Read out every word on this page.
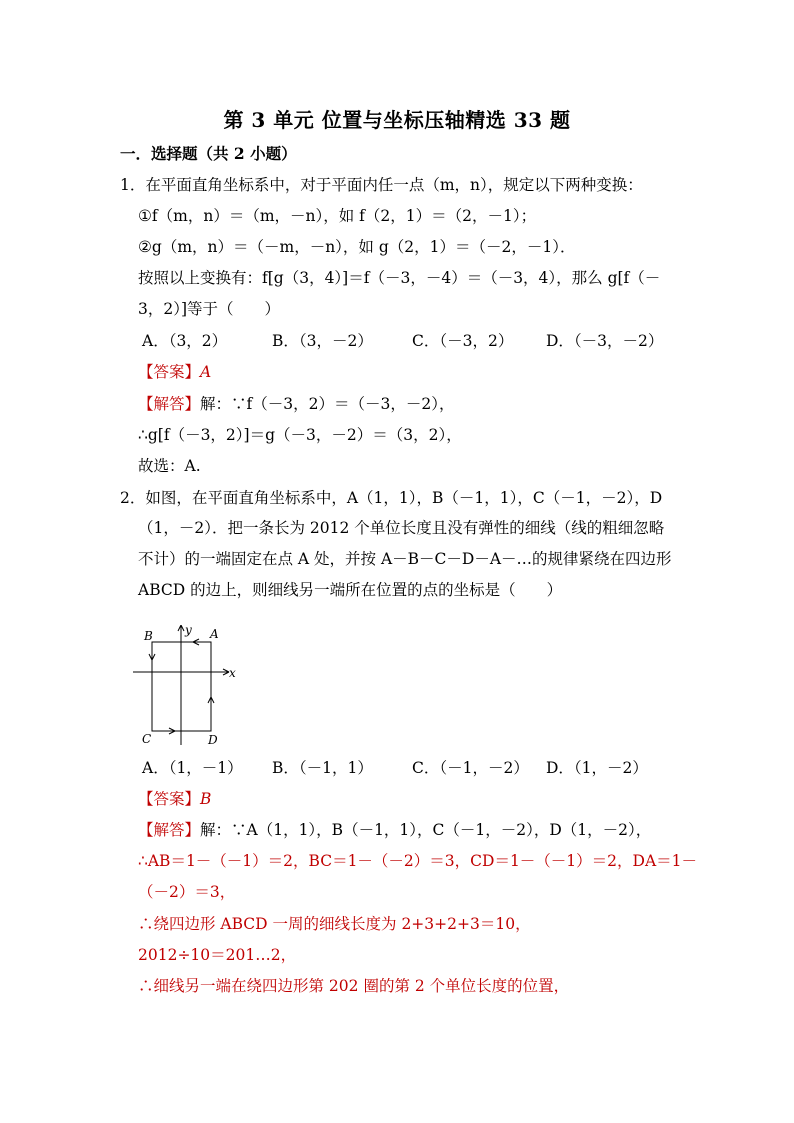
第 3 单元 位置与坐标压轴精选 33 题
一．选择题（共 2 小题）
1．在平面直角坐标系中，对于平面内任一点（m，n），规定以下两种变换：
①f（m，n）＝（m，－n），如 f（2，1）＝（2，－1）；
②g（m，n）＝（－m，－n），如 g（2，1）＝（－2，－1）．
按照以上变换有：f[g（3，4）]＝f（－3，－4）＝（－3，4），那么 g[f（－
3，2）]等于（　　）
A．（3，2）	B．（3，－2）	C．（－3，2） D．（－3，－2）
【答案】A
【解答】解：∵f（－3，2）＝（－3，－2），
∴g[f（－3，2）]＝g（－3，－2）＝（3，2），
故选：A.
2．如图，在平面直角坐标系中，A（1，1），B（－1，1），C（－1，－2），D
（1，－2）．把一条长为 2012 个单位长度且没有弹性的细线（线的粗细忽略
不计）的一端固定在点 A 处，并按 A－B－C－D－A－…的规律紧绕在四边形
ABCD 的边上，则细线另一端所在位置的点的坐标是（　　）
B	A
y
x
C	D
A．（1，－1） B．（－1，1）	C．（－1，－2） D．（1，－2）
【答案】B
【解答】解：∵A（1，1），B（－1，1），C（－1，－2），D（1，－2），
∴AB＝1－（－1）＝2，BC＝1－（－2）＝3，CD＝1－（－1）＝2，DA＝1－
（－2）＝3，
∴绕四边形 ABCD 一周的细线长度为 2+3+2+3＝10，
2012÷10＝201…2，
∴细线另一端在绕四边形第 202 圈的第 2 个单位长度的位置，
